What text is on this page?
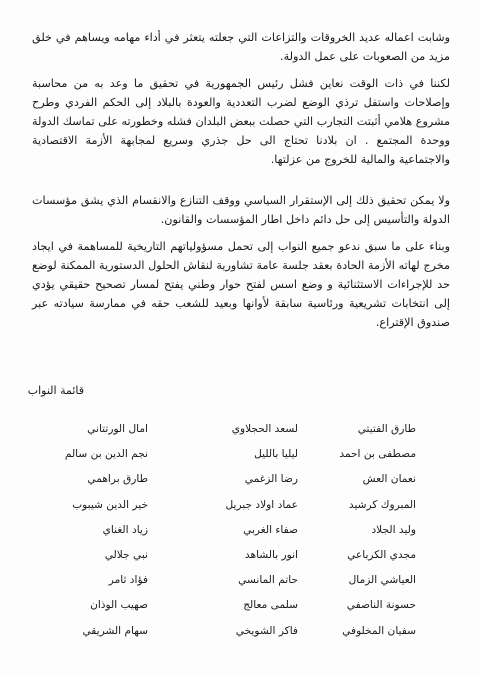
وشابت اعماله عديد الخروقات والتزاعات التي جعلته يتعثر في أداء مهامه ويساهم في خلق مزيد من الصعوبات على عمل الدولة.

لكننا في ذات الوقت نعاين فشل رئيس الجمهورية في تحقيق ما وعد به من محاسبة وإصلاحات واستفل ترذي الوضع لضرب التعددية والعودة بالبلاد إلى الحكم الفردي وطرح مشروع هلامي أثبتت التجارب التي حصلت ببعض البلدان فشله وخطورته على تماسك الدولة ووحدة المجتمع . ان بلادنا تحتاج الى حل جذري وسريع لمجابهة الأزمة الاقتصادية والاجتماعية والمالية للخروج من عزلتها.

ولا يمكن تحقيق ذلك إلى الإستقرار السياسي ووقف التنازع والانقسام الذي يشق مؤسسات الدولة والتأسيس إلى حل دائم داخل اطار المؤسسات والقانون.

وبناء على ما سبق ندعو جميع النواب إلى تحمل مسؤولياتهم التاريخية للمساهمة في ايجاد مخرج لهاته الأزمة الحادة بعقد جلسة عامة تشاورية لنقاش الحلول الدستورية الممكنة لوضع حد للإجراءات الاستثنائية و وضع اسس لفتح حوار وطني يفتح لمسار تصحيح حقيقي يؤدي إلى انتخابات تشريعية ورئاسية سابقة لأوانها وبعيد للشعب حقه في ممارسة سيادته عبر صندوق الإقتراع.

قائمة النواب

طارق الفتيتي
مصطفى بن احمد
نعمان العش
المبروك كرشيد
وليد الجلاد
مجدي الكرباعي
العياشي الزمال
حسونة الناصفي
سفيان المخلوفي
لسعد الحجلاوي
ليليا بالليل
رضا الزغمي
عماد اولاد جبريل
صفاء الغربي
انور بالشاهد
حاتم المانسي
سلمى معالج
فاكر الشويخي
امال الورتتاني
نجم الدين بن سالم
طارق براهمي
خير الدين شيبوب
زياد الغناي
نبي جلالي
فؤاد ثامر
صهيب الوذان
سهام الشريقي
